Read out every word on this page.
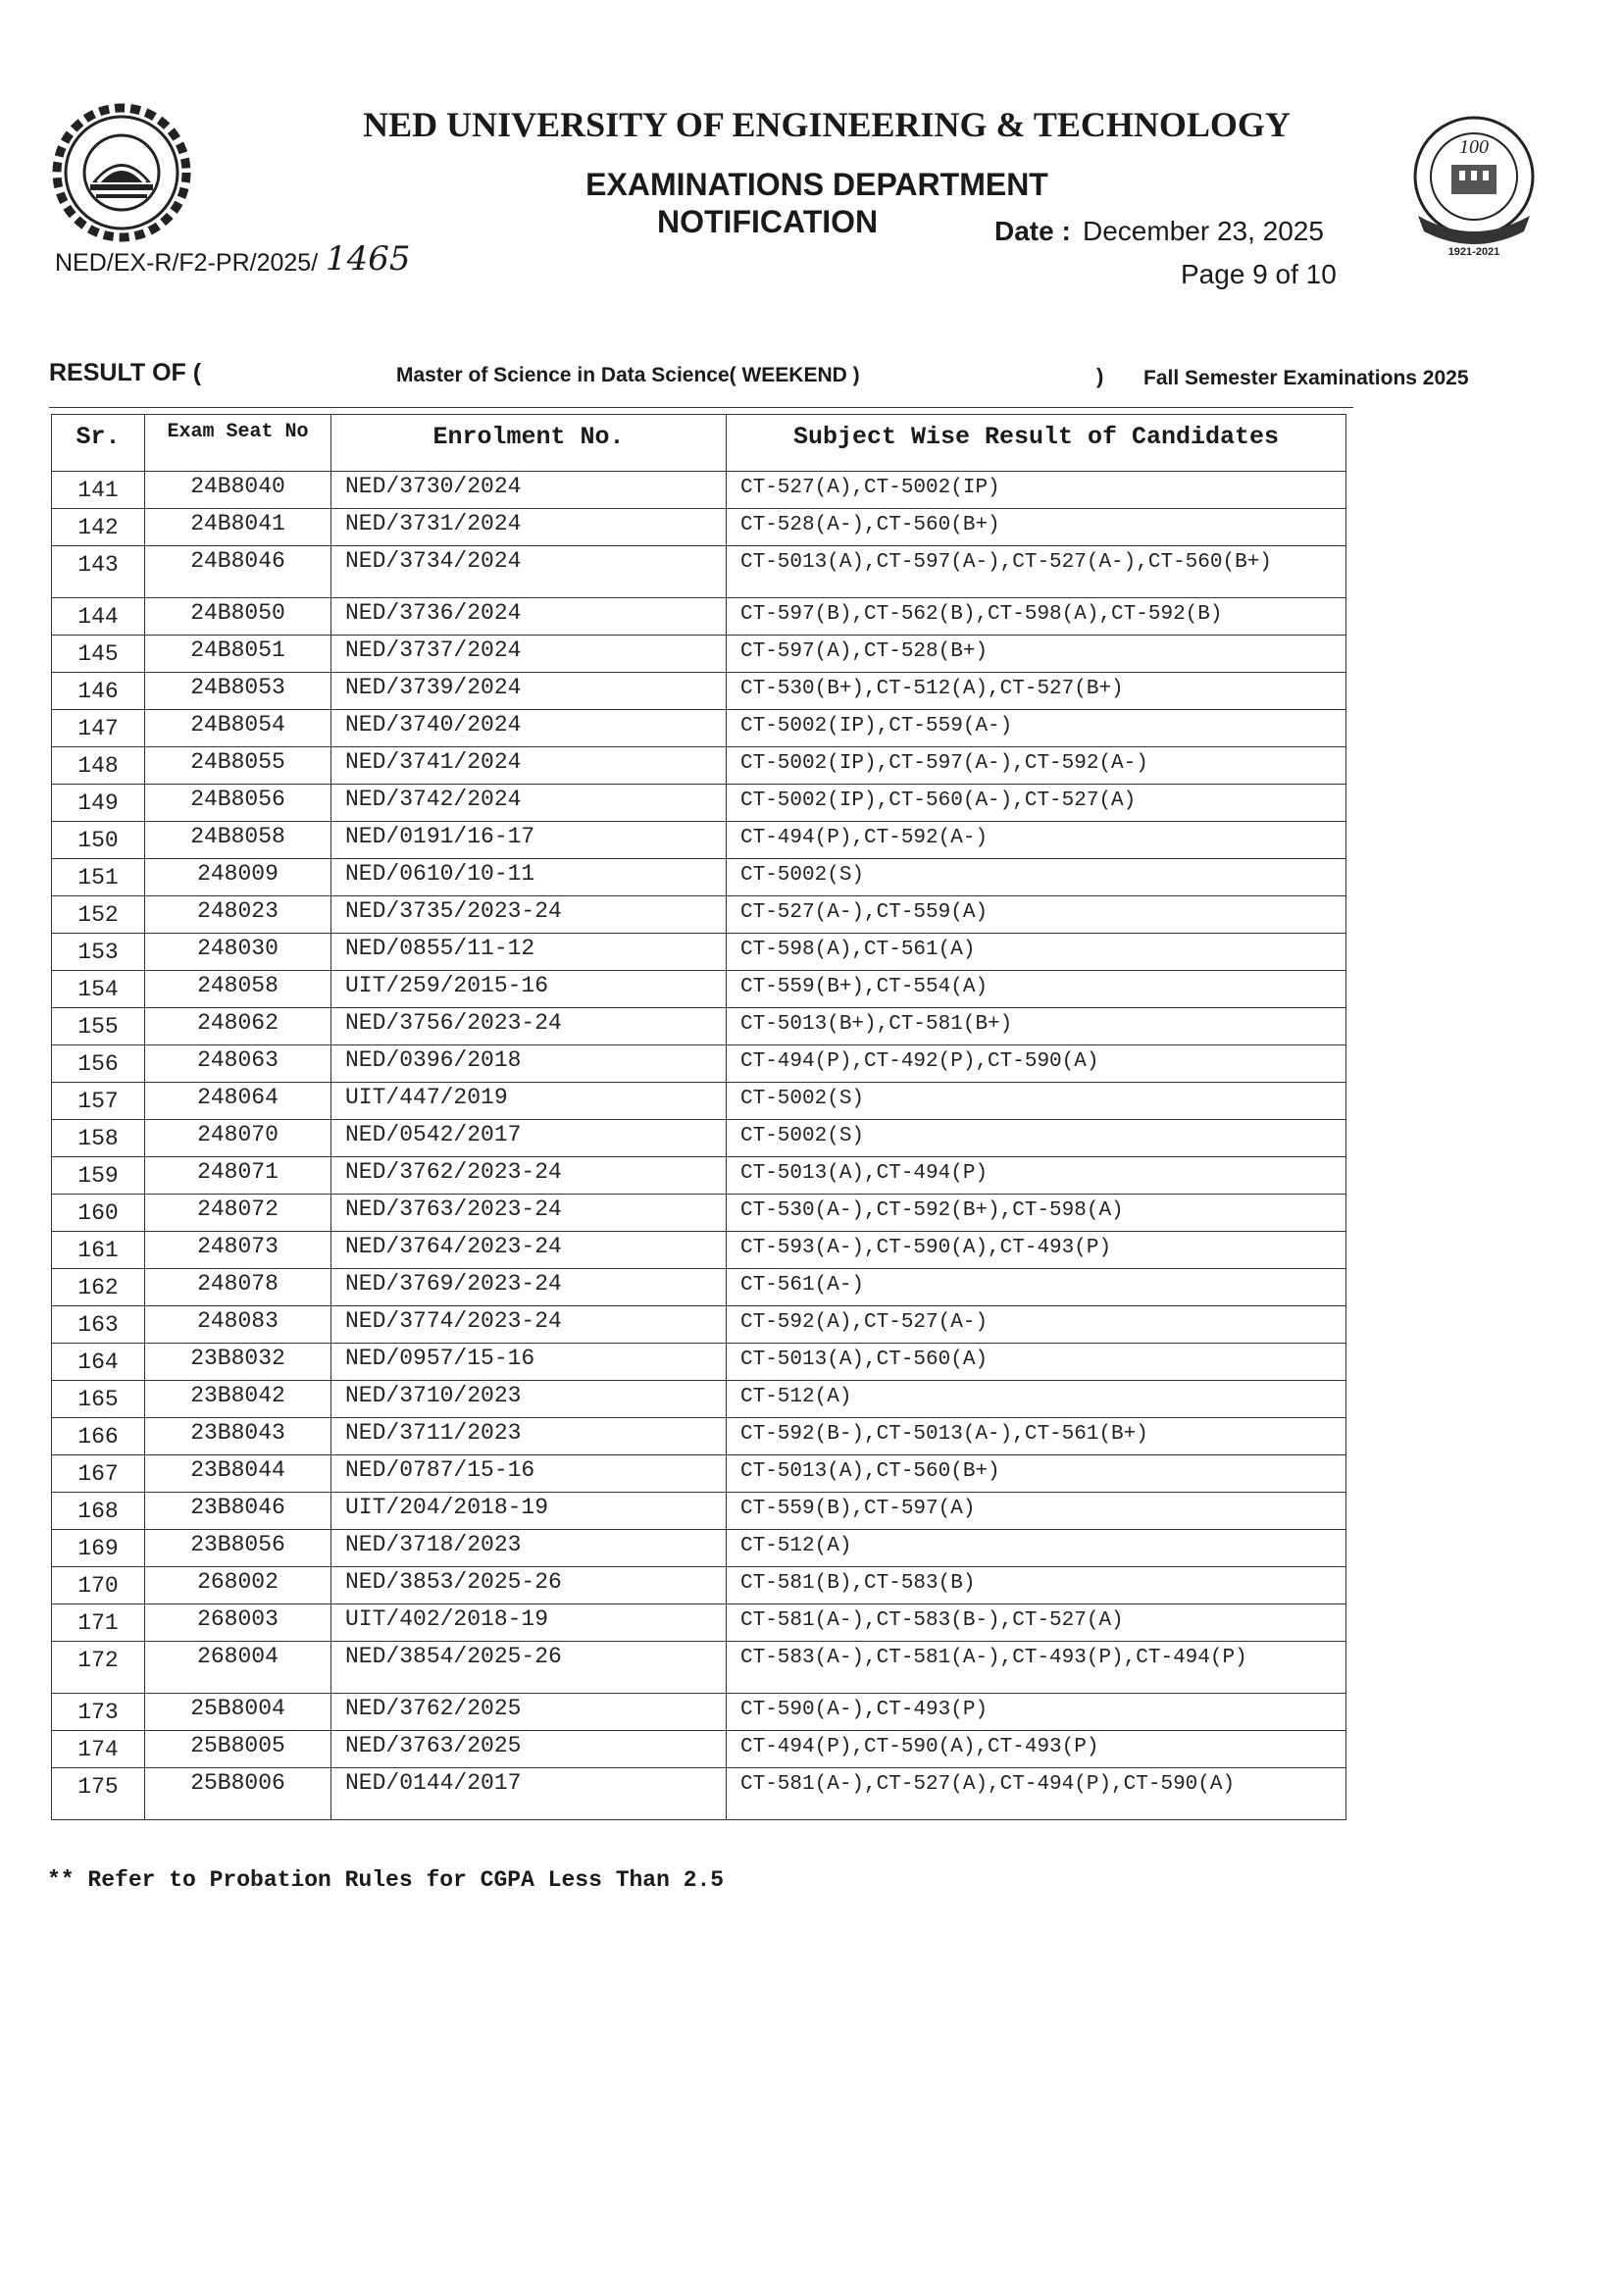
100
1921-2021
NED UNIVERSITY OF ENGINEERING & TECHNOLOGY
EXAMINATIONS DEPARTMENT
NOTIFICATION	Date : December 23, 2025
NED/EX-R/F2-PR/2025/ 1465	Page 9 of 10
RESULT OF (	Master of Science in Data Science( WEEKEND )	) Fall Semester Examinations 2025
Sr.	Exam Seat No	Enrolment No.	Subject Wise Result of Candidates
141	24B8040	NED/3730/2024	CT-527(A),CT-5002(IP)
142	24B8041	NED/3731/2024	CT-528(A-),CT-560(B+)
143	24B8046	NED/3734/2024	CT-5013(A),CT-597(A-),CT-527(A-),CT-560(B+)
144	24B8050	NED/3736/2024	CT-597(B),CT-562(B),CT-598(A),CT-592(B)
145	24B8051	NED/3737/2024	CT-597(A),CT-528(B+)
146	24B8053	NED/3739/2024	CT-530(B+),CT-512(A),CT-527(B+)
147	24B8054	NED/3740/2024	CT-5002(IP),CT-559(A-)
148	24B8055	NED/3741/2024	CT-5002(IP),CT-597(A-),CT-592(A-)
149	24B8056	NED/3742/2024	CT-5002(IP),CT-560(A-),CT-527(A)
150	24B8058	NED/0191/16-17	CT-494(P),CT-592(A-)
151	248009	NED/0610/10-11	CT-5002(S)
152	248023	NED/3735/2023-24	CT-527(A-),CT-559(A)
153	248030	NED/0855/11-12	CT-598(A),CT-561(A)
154	248058	UIT/259/2015-16	CT-559(B+),CT-554(A)
155	248062	NED/3756/2023-24	CT-5013(B+),CT-581(B+)
156	248063	NED/0396/2018	CT-494(P),CT-492(P),CT-590(A)
157	248064	UIT/447/2019	CT-5002(S)
158	248070	NED/0542/2017	CT-5002(S)
159	248071	NED/3762/2023-24	CT-5013(A),CT-494(P)
160	248072	NED/3763/2023-24	CT-530(A-),CT-592(B+),CT-598(A)
161	248073	NED/3764/2023-24	CT-593(A-),CT-590(A),CT-493(P)
162	248078	NED/3769/2023-24	CT-561(A-)
163	248083	NED/3774/2023-24	CT-592(A),CT-527(A-)
164	23B8032	NED/0957/15-16	CT-5013(A),CT-560(A)
165	23B8042	NED/3710/2023	CT-512(A)
166	23B8043	NED/3711/2023	CT-592(B-),CT-5013(A-),CT-561(B+)
167	23B8044	NED/0787/15-16	CT-5013(A),CT-560(B+)
168	23B8046	UIT/204/2018-19	CT-559(B),CT-597(A)
169	23B8056	NED/3718/2023	CT-512(A)
170	268002	NED/3853/2025-26	CT-581(B),CT-583(B)
171	268003	UIT/402/2018-19	CT-581(A-),CT-583(B-),CT-527(A)
172	268004	NED/3854/2025-26	CT-583(A-),CT-581(A-),CT-493(P),CT-494(P)
173	25B8004	NED/3762/2025	CT-590(A-),CT-493(P)
174	25B8005	NED/3763/2025	CT-494(P),CT-590(A),CT-493(P)
175	25B8006	NED/0144/2017	CT-581(A-),CT-527(A),CT-494(P),CT-590(A)
** Refer to Probation Rules for CGPA Less Than 2.5
